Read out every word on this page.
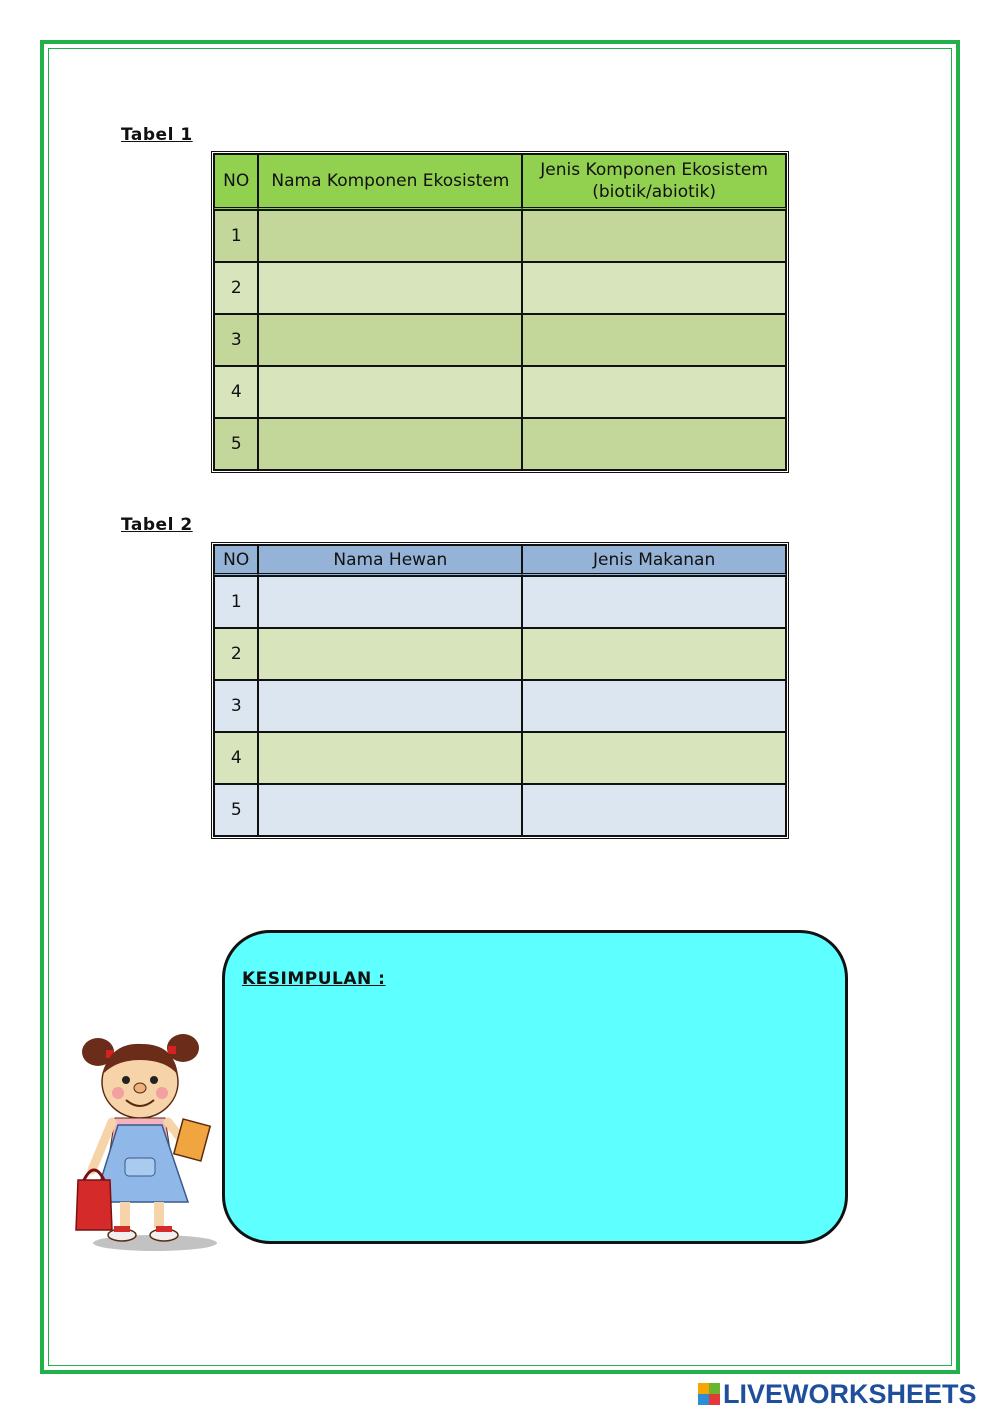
Tabel 1
NO	Nama Komponen Ekosistem	Jenis Komponen Ekosistem
(biotik/abiotik)

1		
2		
3		
4		
5		
Tabel 2
NO	Nama Hewan	Jenis Makanan
1		
2		
3		
4		
5		
KESIMPULAN :
LIVEWORKSHEETS
